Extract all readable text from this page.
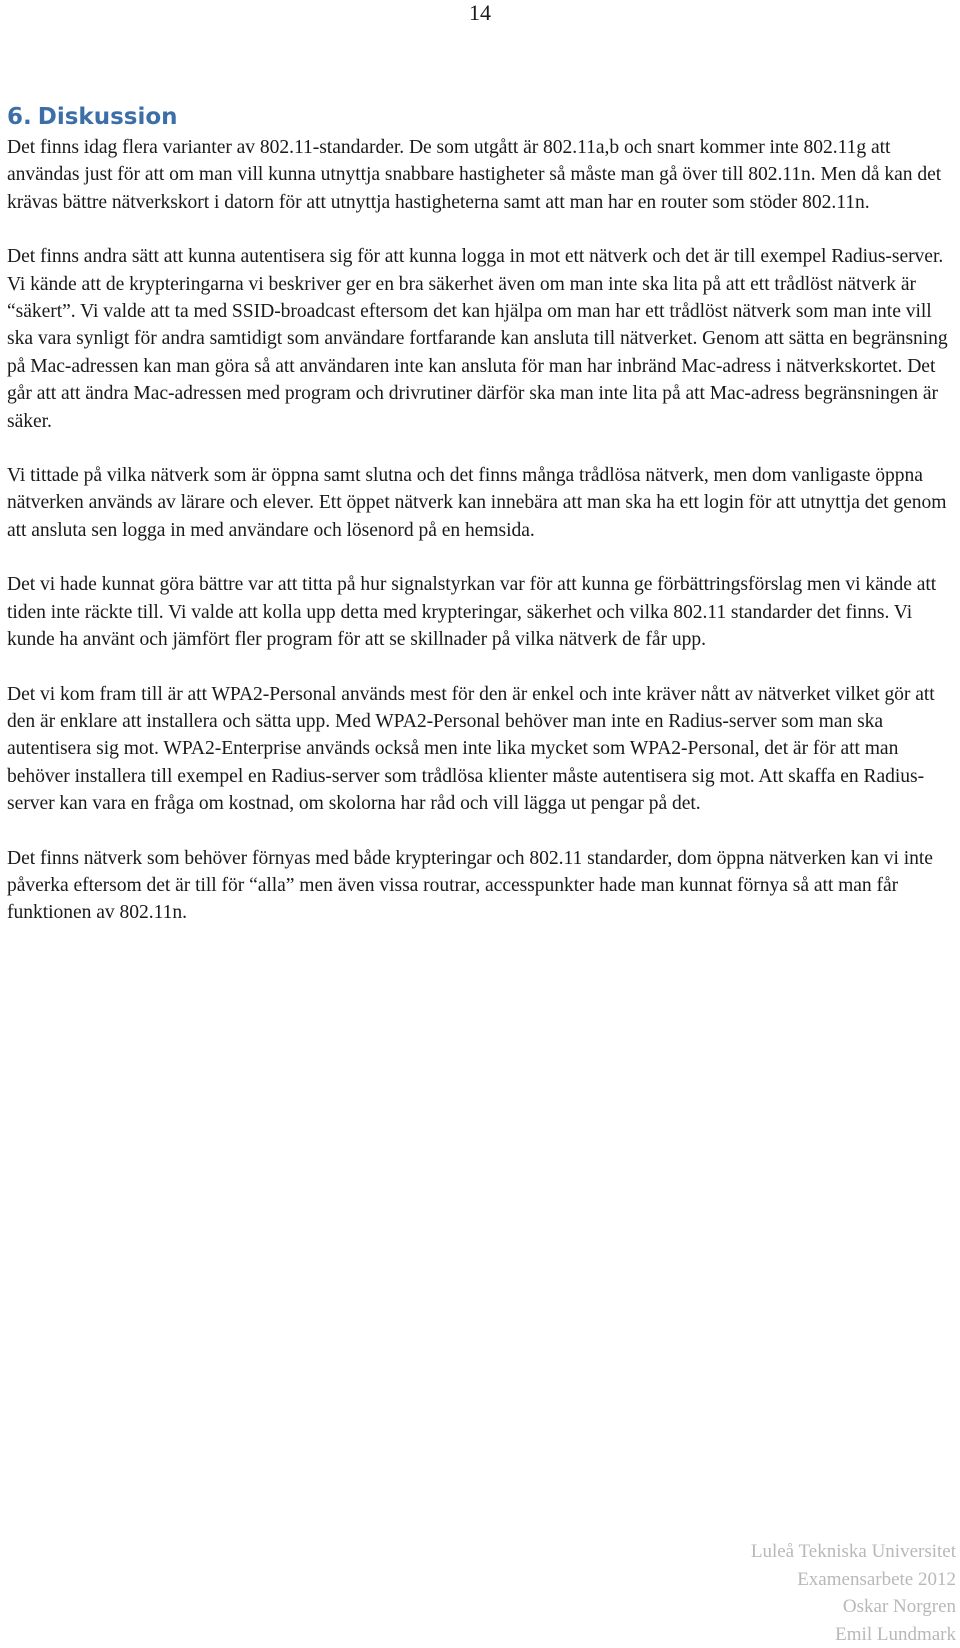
14
6. Diskussion

Det finns idag flera varianter av 802.11-standarder. De som utgått är 802.11a,b och snart kommer inte 802.11g att användas just för att om man vill kunna utnyttja snabbare hastigheter så måste man gå över till 802.11n. Men då kan det krävas bättre nätverkskort i datorn för att utnyttja hastigheterna samt att man har en router som stöder 802.11n.

Det finns andra sätt att kunna autentisera sig för att kunna logga in mot ett nätverk och det är till exempel Radius-server. Vi kände att de krypteringarna vi beskriver ger en bra säkerhet även om man inte ska lita på att ett trådlöst nätverk är “säkert”. Vi valde att ta med SSID-broadcast eftersom det kan hjälpa om man har ett trådlöst nätverk som man inte vill ska vara synligt för andra samtidigt som användare fortfarande kan ansluta till nätverket. Genom att sätta en begränsning på Mac-adressen kan man göra så att användaren inte kan ansluta för man har inbränd Mac-adress i nätverkskortet. Det går att att ändra Mac-adressen med program och drivrutiner därför ska man inte lita på att Mac-adress begränsningen är säker.

Vi tittade på vilka nätverk som är öppna samt slutna och det finns många trådlösa nätverk, men dom vanligaste öppna nätverken används av lärare och elever. Ett öppet nätverk kan innebära att man ska ha ett login för att utnyttja det genom att ansluta sen logga in med användare och lösenord på en hemsida.

Det vi hade kunnat göra bättre var att titta på hur signalstyrkan var för att kunna ge förbättringsförslag men vi kände att tiden inte räckte till. Vi valde att kolla upp detta med krypteringar, säkerhet och vilka 802.11 standarder det finns. Vi kunde ha använt och jämfört fler program för att se skillnader på vilka nätverk de får upp.

Det vi kom fram till är att WPA2-Personal används mest för den är enkel och inte kräver nått av nätverket vilket gör att den är enklare att installera och sätta upp. Med WPA2-Personal behöver man inte en Radius-server som man ska autentisera sig mot. WPA2-Enterprise används också men inte lika mycket som WPA2-Personal, det är för att man behöver installera till exempel en Radius-server som trådlösa klienter måste autentisera sig mot. Att skaffa en Radius-server kan vara en fråga om kostnad, om skolorna har råd och vill lägga ut pengar på det.

Det finns nätverk som behöver förnyas med både krypteringar och 802.11 standarder, dom öppna nätverken kan vi inte påverka eftersom det är till för “alla” men även vissa routrar, accesspunkter hade man kunnat förnya så att man får funktionen av 802.11n.

Luleå Tekniska Universitet
Examensarbete 2012
Oskar Norgren
Emil Lundmark
